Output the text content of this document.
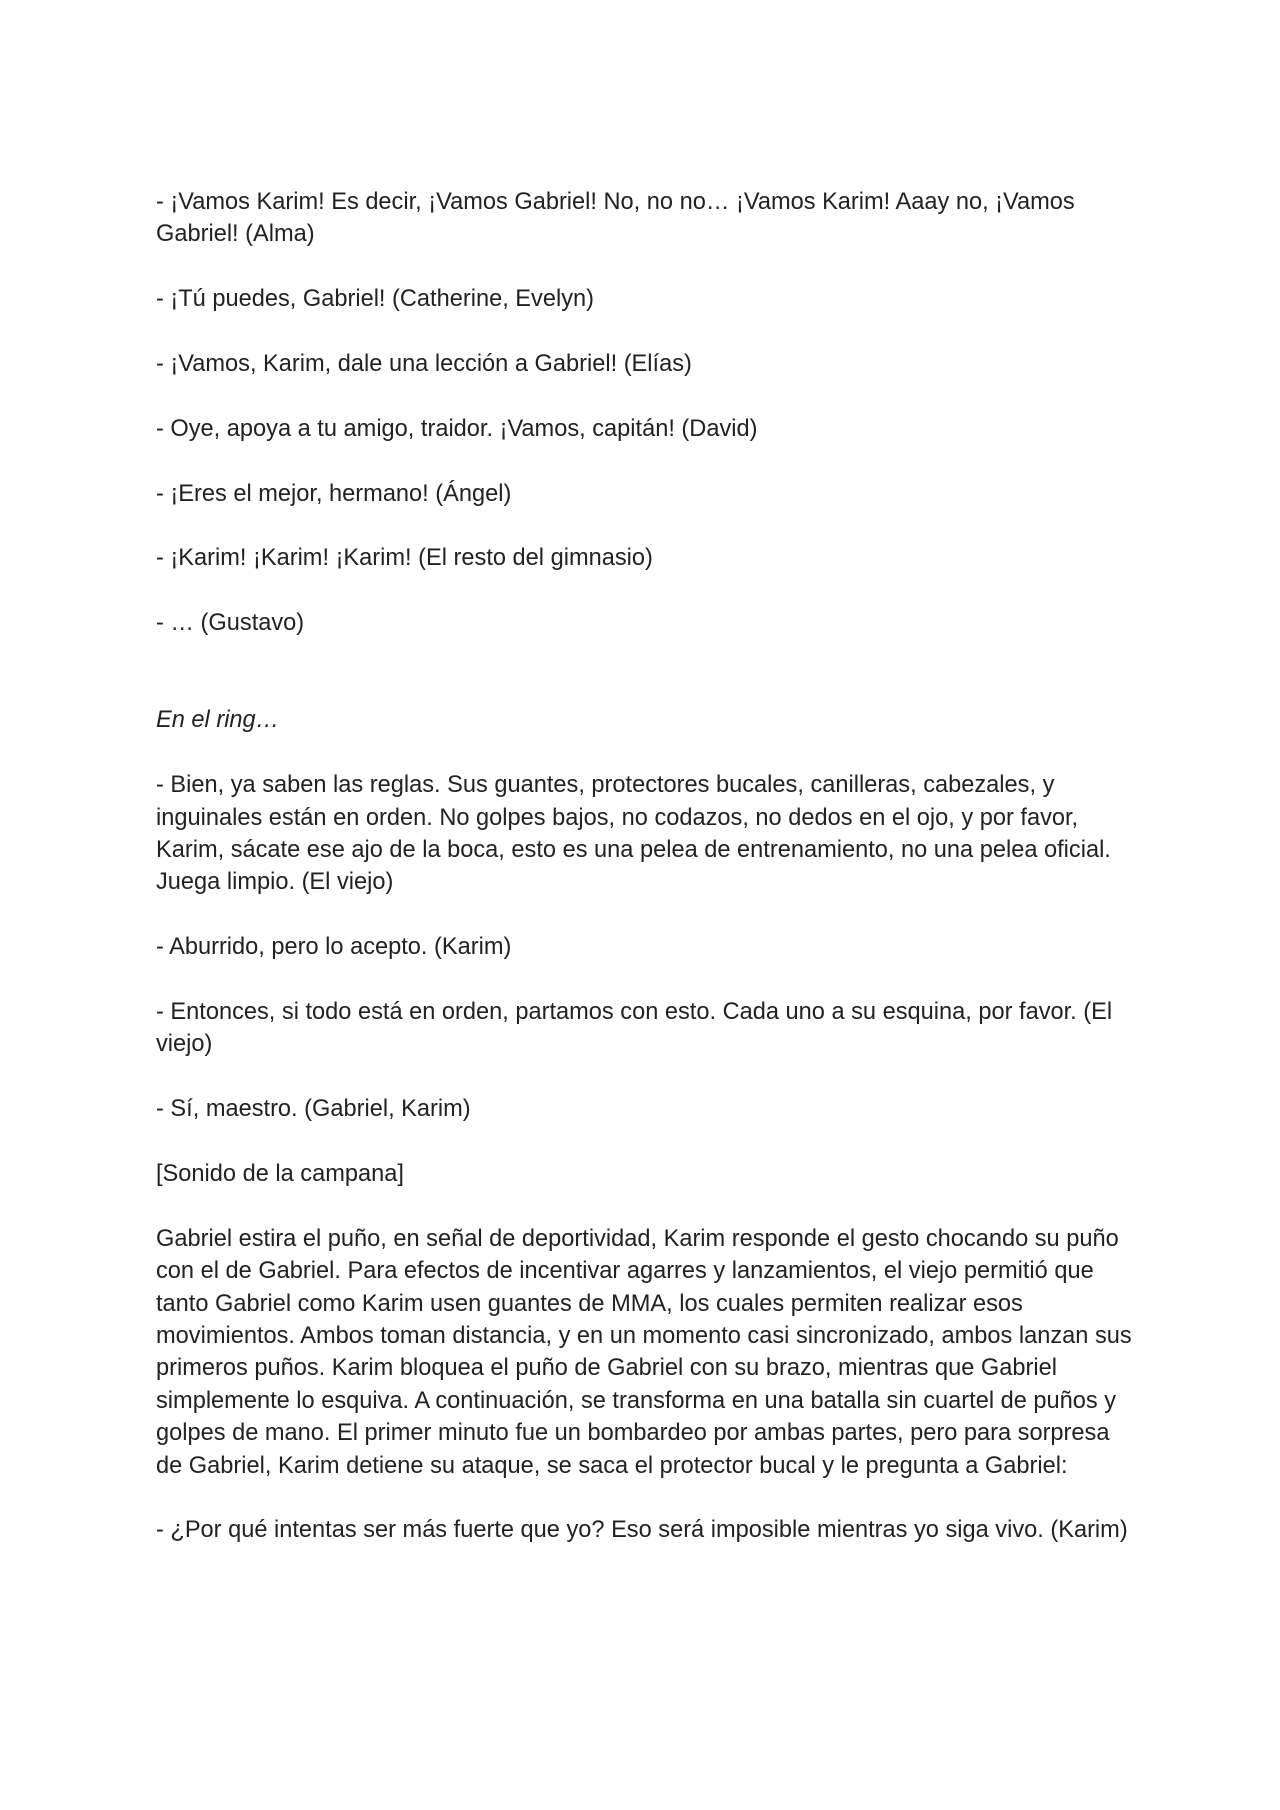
- ¡Vamos Karim! Es decir, ¡Vamos Gabriel! No, no no… ¡Vamos Karim! Aaay no, ¡Vamos Gabriel! (Alma)

- ¡Tú puedes, Gabriel! (Catherine, Evelyn)

- ¡Vamos, Karim, dale una lección a Gabriel! (Elías)

- Oye, apoya a tu amigo, traidor. ¡Vamos, capitán! (David)

- ¡Eres el mejor, hermano! (Ángel)

- ¡Karim! ¡Karim! ¡Karim! (El resto del gimnasio)

- … (Gustavo)

En el ring…

- Bien, ya saben las reglas. Sus guantes, protectores bucales, canilleras, cabezales, y inguinales están en orden. No golpes bajos, no codazos, no dedos en el ojo, y por favor, Karim, sácate ese ajo de la boca, esto es una pelea de entrenamiento, no una pelea oficial. Juega limpio. (El viejo)

- Aburrido, pero lo acepto. (Karim)

- Entonces, si todo está en orden, partamos con esto. Cada uno a su esquina, por favor. (El viejo)

- Sí, maestro. (Gabriel, Karim)

[Sonido de la campana]

Gabriel estira el puño, en señal de deportividad, Karim responde el gesto chocando su puño con el de Gabriel. Para efectos de incentivar agarres y lanzamientos, el viejo permitió que tanto Gabriel como Karim usen guantes de MMA, los cuales permiten realizar esos movimientos. Ambos toman distancia, y en un momento casi sincronizado, ambos lanzan sus primeros puños. Karim bloquea el puño de Gabriel con su brazo, mientras que Gabriel simplemente lo esquiva. A continuación, se transforma en una batalla sin cuartel de puños y golpes de mano. El primer minuto fue un bombardeo por ambas partes, pero para sorpresa de Gabriel, Karim detiene su ataque, se saca el protector bucal y le pregunta a Gabriel:

- ¿Por qué intentas ser más fuerte que yo? Eso será imposible mientras yo siga vivo. (Karim)
